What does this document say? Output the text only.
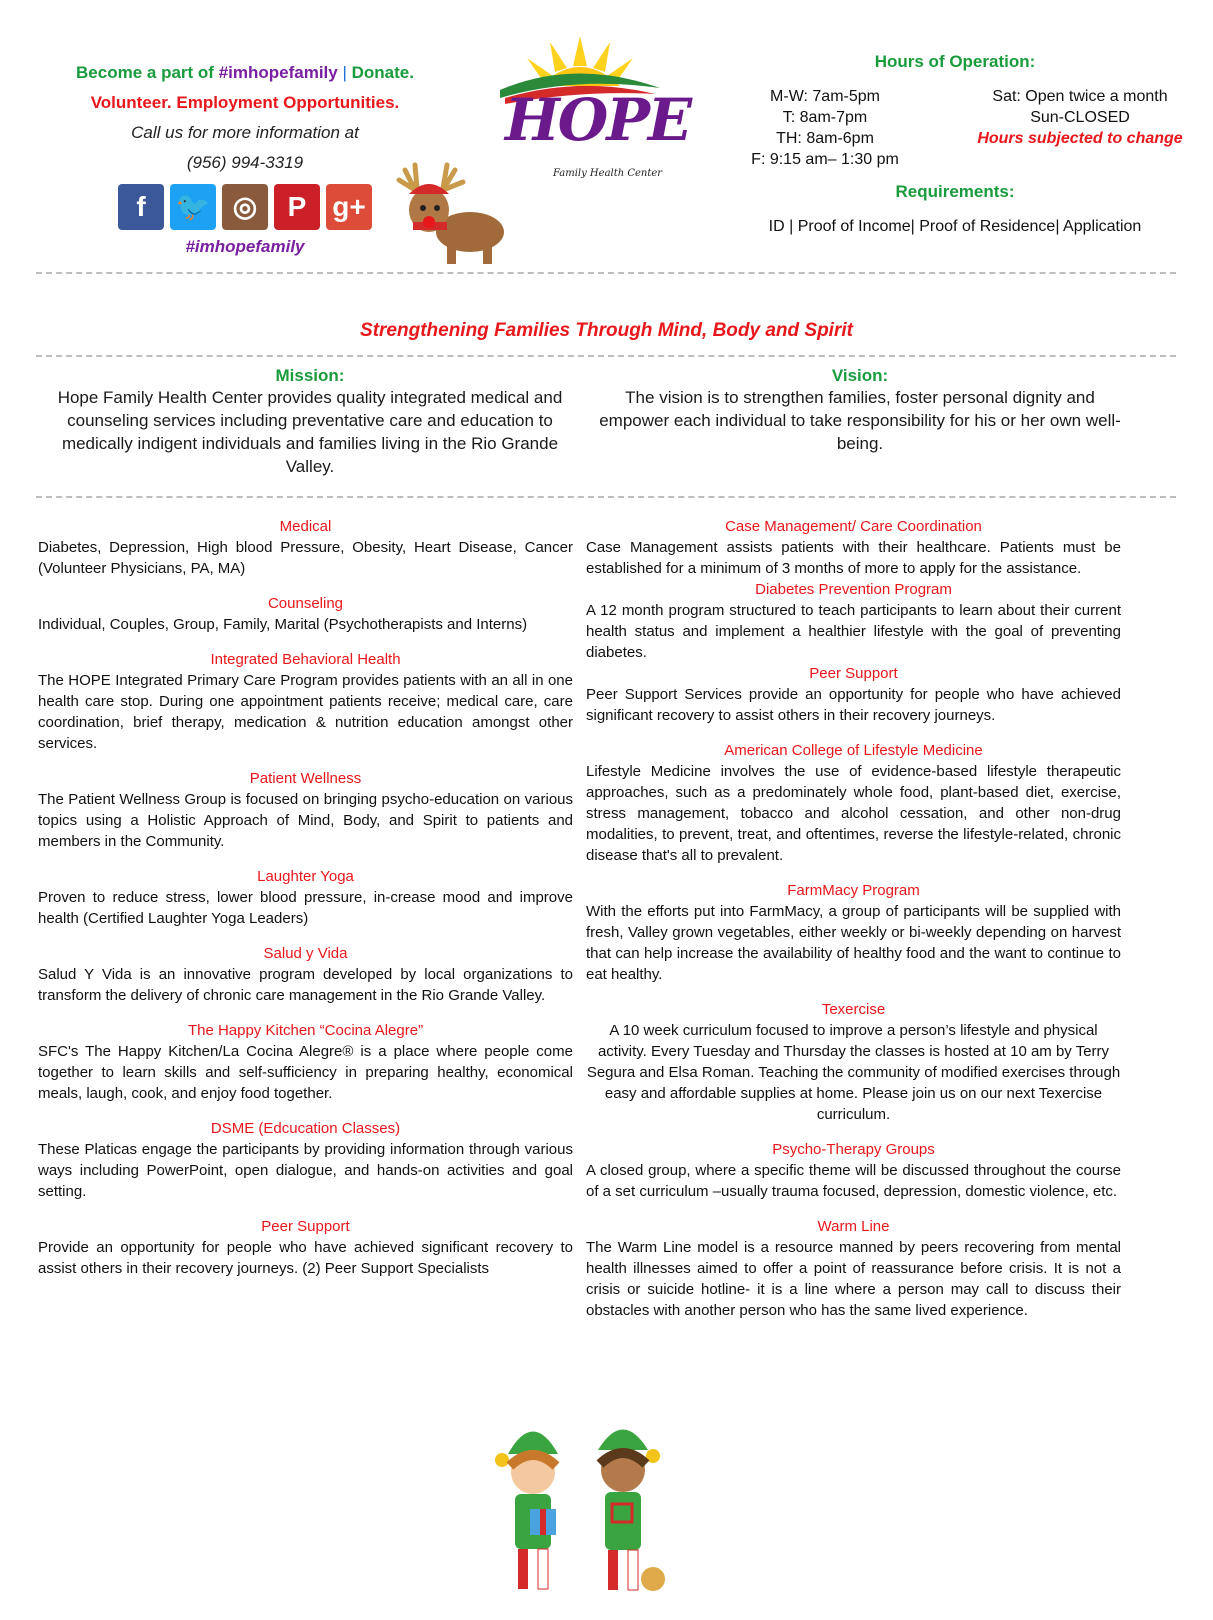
Become a part of #imhopefamily | Donate.
Volunteer. Employment Opportunities.
Call us for more information at
(956) 994-3319
f	🐦 ◎	P g+
#imhopefamily
HOPE
Family Health Center
Hours of Operation:
M-W: 7am-5pm
T: 8am-7pm
TH: 8am-6pm
F: 9:15 am– 1:30 pm
Sat: Open twice a month
Sun-CLOSED
Hours subjected to change
Requirements:
ID | Proof of Income| Proof of Residence| Application
Strengthening Families Through Mind, Body and Spirit
Mission:
Hope Family Health Center provides quality integrated medical and counseling services including preventative care and education to medically indigent individuals and families living in the Rio Grande Valley.
Vision:
The vision is to strengthen families, foster personal dignity and empower each individual to take responsibility for his or her own well-being.
Medical
Diabetes, Depression, High blood Pressure, Obesity, Heart Disease, Cancer (Volunteer Physicians, PA, MA)
Counseling
Individual, Couples, Group, Family, Marital (Psychotherapists and Interns)
Integrated Behavioral Health
The HOPE Integrated Primary Care Program provides patients with an all in one health care stop. During one appointment patients receive; medical care, care coordination, brief therapy, medication & nutrition education amongst other services.
Patient Wellness
The Patient Wellness Group is focused on bringing psycho-education on various topics using a Holistic Approach of Mind, Body, and Spirit to patients and members in the Community.
Laughter Yoga
Proven to reduce stress, lower blood pressure, in-crease mood and improve health (Certified Laughter Yoga Leaders)
Salud y Vida
Salud Y Vida is an innovative program developed by local organizations to transform the delivery of chronic care management in the Rio Grande Valley.
The Happy Kitchen “Cocina Alegre”
SFC's The Happy Kitchen/La Cocina Alegre® is a place where people come together to learn skills and self-sufficiency in preparing healthy, economical meals, laugh, cook, and enjoy food together.
DSME (Edcucation Classes)
These Platicas engage the participants by providing information through various ways including PowerPoint, open dialogue, and hands-on activities and goal setting.
Peer Support
Provide an opportunity for people who have achieved significant recovery to assist others in their recovery journeys. (2) Peer Support Specialists
Case Management/ Care Coordination
Case Management assists patients with their healthcare. Patients must be established for a minimum of 3 months of more to apply for the assistance.
Diabetes Prevention Program
A 12 month program structured to teach participants to learn about their current health status and implement a healthier lifestyle with the goal of preventing diabetes.
Peer Support
Peer Support Services provide an opportunity for people who have achieved significant recovery to assist others in their recovery journeys.
American College of Lifestyle Medicine
Lifestyle Medicine involves the use of evidence-based lifestyle therapeutic approaches, such as a predominately whole food, plant-based diet, exercise, stress management, tobacco and alcohol cessation, and other non-drug modalities, to prevent, treat, and oftentimes, reverse the lifestyle-related, chronic disease that's all to prevalent.
FarmMacy Program
With the efforts put into FarmMacy, a group of participants will be supplied with fresh, Valley grown vegetables, either weekly or bi-weekly depending on harvest that can help increase the availability of healthy food and the want to continue to eat healthy.
Texercise
A 10 week curriculum focused to improve a person’s lifestyle and physical activity. Every Tuesday and Thursday the classes is hosted at 10 am by Terry Segura and Elsa Roman. Teaching the community of modified exercises through easy and affordable supplies at home. Please join us on our next Texercise curriculum.
Psycho-Therapy Groups
A closed group, where a specific theme will be discussed throughout the course of a set curriculum –usually trauma focused, depression, domestic violence, etc.
Warm Line
The Warm Line model is a resource manned by peers recovering from mental health illnesses aimed to offer a point of reassurance before crisis. It is not a crisis or suicide hotline- it is a line where a person may call to discuss their obstacles with another person who has the same lived experience.
